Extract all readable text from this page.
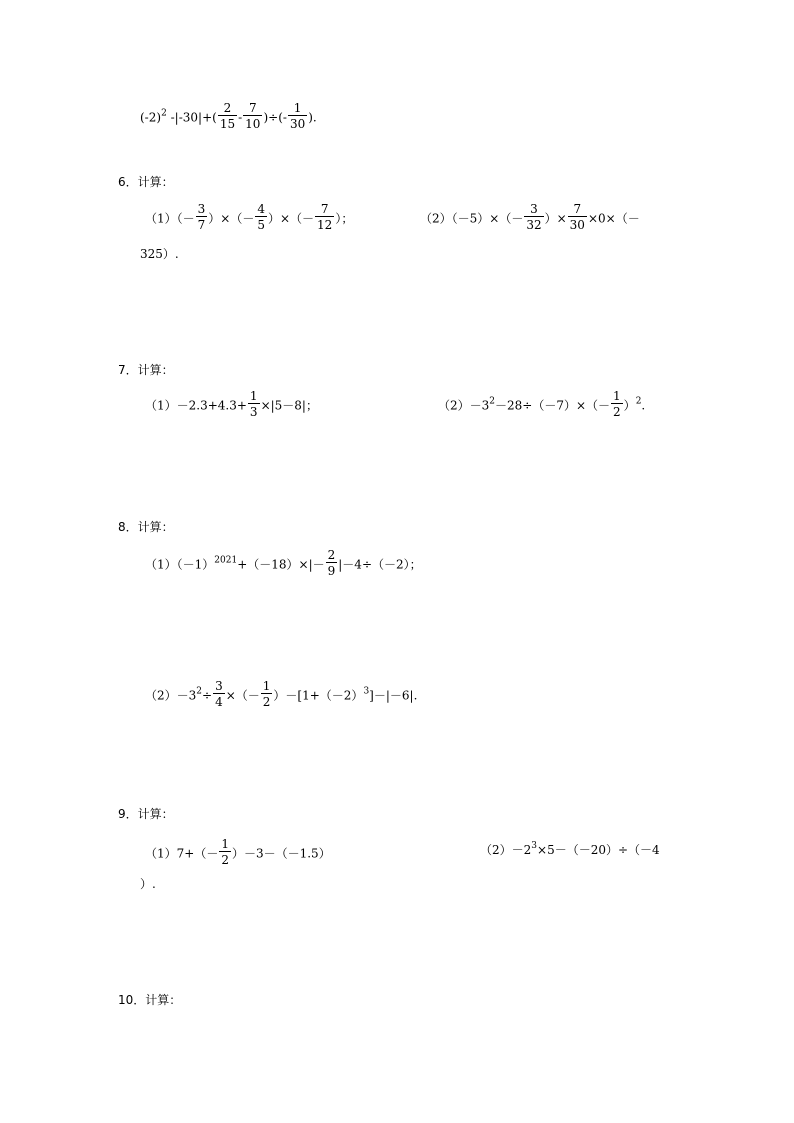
$(-2)^2$ $-|-30|+( \frac{2}{15} - \frac{7}{10}$ )÷(- $\frac{1}{30}$ ).
6．计算：
$(1)(- \frac{3}{7}$ ）×（－ $\frac{4}{5}$ ）×（－ $\frac{7}{12}$ ）；	$(2)(-5)\times(- \frac{3}{32}$ ）× $\frac{7}{30} \times 0\times(-$
325）.
7．计算：
$(1)-2.3+4.3+ \frac{1}{3} \times|5-8|$；	$(2)-3^2-28\div(-7)\times(- \frac{1}{2} )^2$.
8．计算：
$(1)(-1)^{2021}+(-18)\times|- \frac{2}{9} |-4\div(-2)$；
$(2)-3^2\div \frac{3}{4}$ ×（－ $\frac{1}{2} )-[1+(-2)^3]-|-6|$.
9．计算：
$(1)7+(- \frac{1}{2} )-3-(-1.5)$	$(2)-2^3\times 5-(-20)\div(-4$
）.
10．计算：
